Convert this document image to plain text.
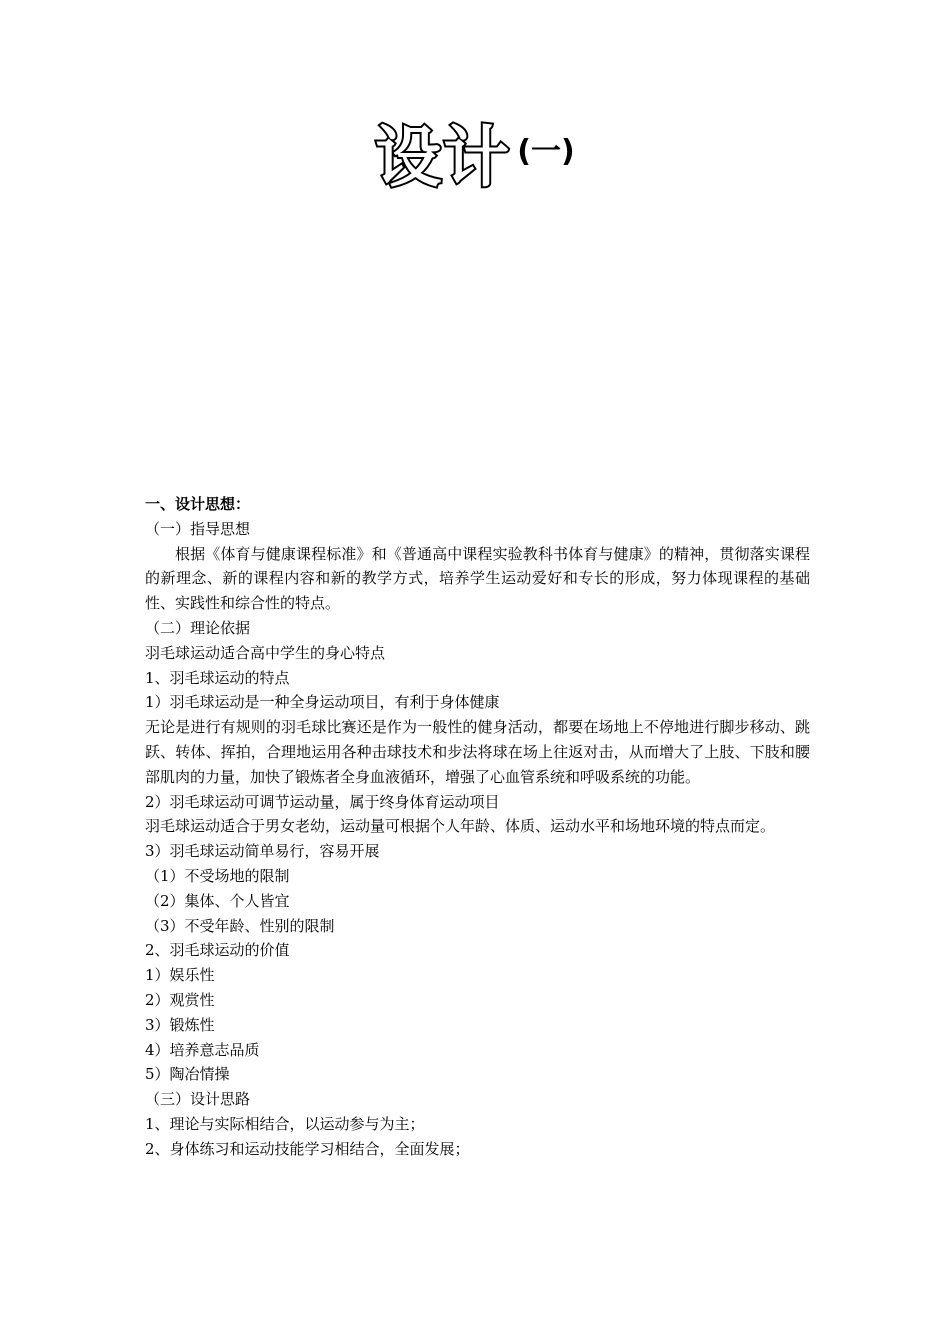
设计 (一)

一、设计思想：

（一）指导思想

根据《体育与健康课程标准》和《普通高中课程实验教科书体育与健康》的精神，贯彻落实课程的新理念、新的课程内容和新的教学方式，培养学生运动爱好和专长的形成，努力体现课程的基础性、实践性和综合性的特点。

（二）理论依据

羽毛球运动适合高中学生的身心特点

1、羽毛球运动的特点

1）羽毛球运动是一种全身运动项目，有利于身体健康

无论是进行有规则的羽毛球比赛还是作为一般性的健身活动，都要在场地上不停地进行脚步移动、跳跃、转体、挥拍，合理地运用各种击球技术和步法将球在场上往返对击，从而增大了上肢、下肢和腰部肌肉的力量，加快了锻炼者全身血液循环，增强了心血管系统和呼吸系统的功能。

2）羽毛球运动可调节运动量，属于终身体育运动项目

羽毛球运动适合于男女老幼，运动量可根据个人年龄、体质、运动水平和场地环境的特点而定。

3）羽毛球运动简单易行，容易开展

（1）不受场地的限制

（2）集体、个人皆宜

（3）不受年龄、性别的限制

2、羽毛球运动的价值

1）娱乐性

2）观赏性

3）锻炼性

4）培养意志品质

5）陶冶情操

（三）设计思路

1、理论与实际相结合，以运动参与为主；

2、身体练习和运动技能学习相结合，全面发展；
